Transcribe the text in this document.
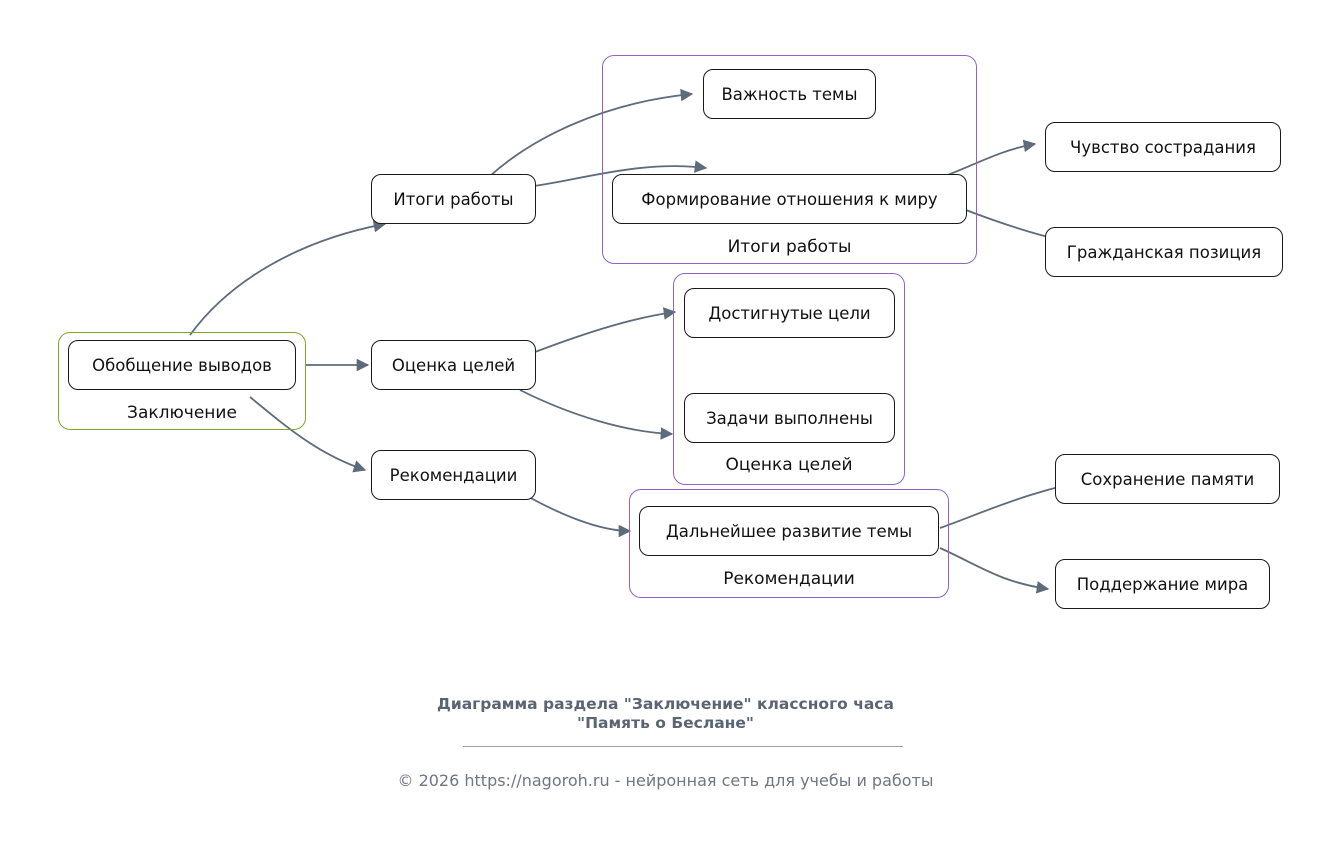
Заключение
Итоги работы
Оценка целей
Рекомендации
Обобщение выводов
Итоги работы
Оценка целей
Рекомендации
Важность темы
Формирование отношения к миру
Чувство сострадания
Гражданская позиция
Достигнутые цели
Задачи выполнены
Дальнейшее развитие темы
Сохранение памяти
Поддержание мира
Диаграмма раздела "Заключение" классного часа
"Память о Беслане"
© 2026 https://nagoroh.ru - нейронная сеть для учебы и работы
